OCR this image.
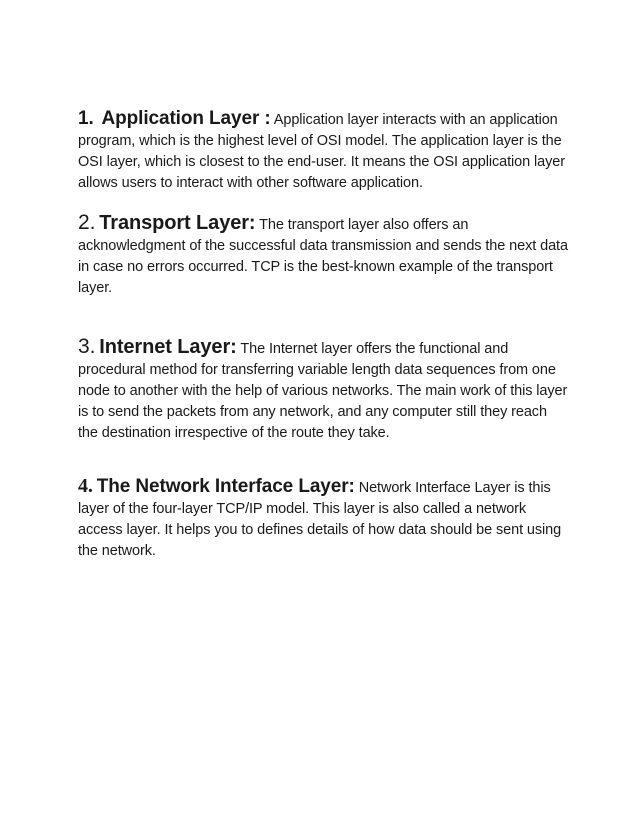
1. Application Layer : Application layer interacts with an application program, which is the highest level of OSI model. The application layer is the OSI layer, which is closest to the end-user. It means the OSI application layer allows users to interact with other software application.
2. Transport Layer: The transport layer also offers an acknowledgment of the successful data transmission and sends the next data in case no errors occurred. TCP is the best-known example of the transport layer.
3. Internet Layer: The Internet layer offers the functional and procedural method for transferring variable length data sequences from one node to another with the help of various networks. The main work of this layer is to send the packets from any network, and any computer still they reach the destination irrespective of the route they take.
4. The Network Interface Layer: Network Interface Layer is this layer of the four-layer TCP/IP model. This layer is also called a network access layer. It helps you to defines details of how data should be sent using the network.
